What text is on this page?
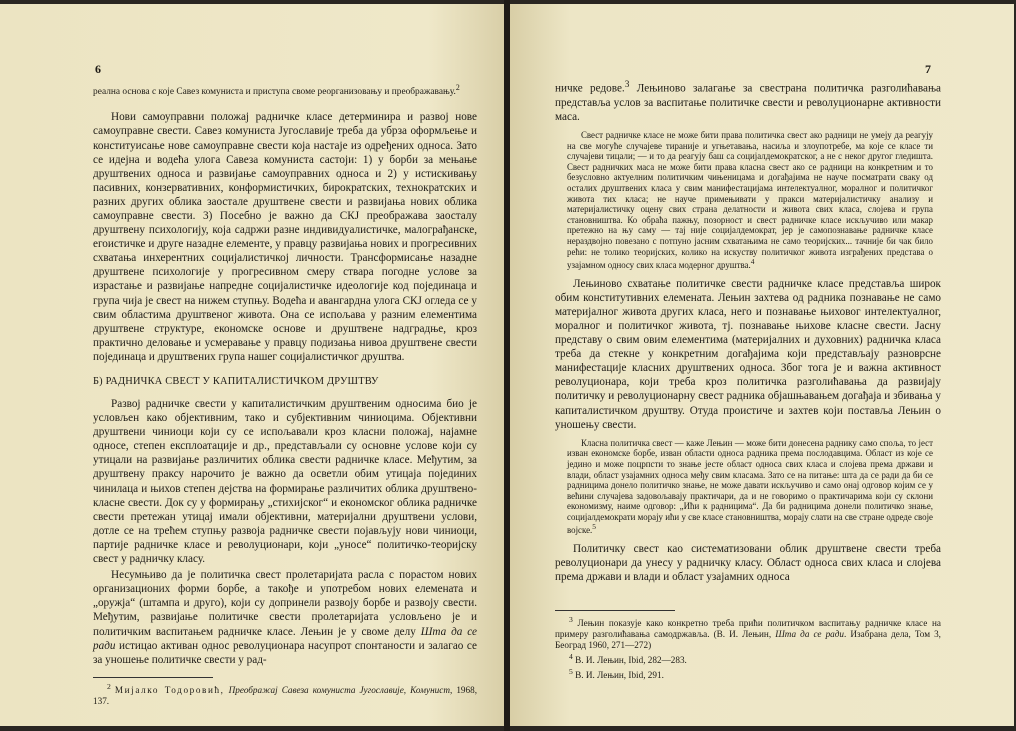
6

реална основа с које Савез комуниста и приступа своме реорганизовању и преображавању.$^2$

Нови самоуправни положај радничке класе детерминира и развој нове самоуправне свести. Савез комуниста Југославије треба да убрза оформљење и конституисање нове самоуправне свести која настаје из одређених односа. Зато се идејна и водећа улога Савеза комуниста састоји: 1) у борби за мењање друштвених односа и развијање самоуправних односа и 2) у истискивању пасивних, конзервативних, конформистичких, бирократских, технократских и разних других облика заосталe друштвене свести и развијања нових облика самоуправне свести. 3) Посебно је важно да СКЈ преображава заосталу друштвену психологију, која садржи разне индивидуалистичке, малограђанске, егоистичке и друге назадне елементе, у правцу развијања нових и прогресивних схватања инхерентних социјалистичкој личности. Трансформисање назадне друштвене психологије у прогресивном смеру ствара погодне услове за израстање и развијање напредне социјалистичке идеологије код појединаца и група чија је свест на нижем ступњу. Водећа и авангардна улога СКЈ огледа се у свим областима друштвеног живота. Она се испољава у разним елементима друштвене структуре, економске основе и друштвене надградње, кроз практично деловање и усмеравање у правцу подизања нивоа друштвене свести појединаца и друштвених група нашег социјалистичког друштва.

Б) РАДНИЧКА СВЕСТ У КАПИТАЛИСТИЧКОМ ДРУШТВУ

Развој радничке свести у капиталистичким друштвеним односима био је условљен како објективним, тако и субјективним чиниоцима. Објективни друштвени чиниоци који су се испољавали кроз класни положај, најамне односе, степен експлоатације и др., представљали су основне услове који су утицали на развијање различитих облика свести радничке класе. Међутим, за друштвену праксу нарочито је важно да осветли обим утицаја појединих чинилаца и њихов степен дејства на формирање различитих облика друштвено-класне свести. Док су у формирању „стихијског“ и економског облика радничке свести претежан утицај имали објективни, материјални друштвени услови, дотле се на трећем ступњу развоја радничке свести појављују нови чиниоци, партије радничке класе и револуционари, који „уносе“ политичко-теоријску свест у радничку класу.

Несумњиво да је политичка свест пролетаријата расла с порастом нових организационих форми борбе, а такође и употребом нових елемената и „оружја“ (штампа и друго), који су допринели развоју борбе и развоју свести. Међутим, развијање политичке свести пролетаријата условљено је и политичким васпитањем радничке класе. Лењин је у своме делу Шта да се ради истицао активан однос револуционара насупрот спонтаности и залагао се за уношење политичке свести у рад-

$^2$ Мијалко Тодоровић, Преображај Савеза комуниста Југославије, Комунист, 1968, 137.

7

ничке редове.$^3$ Лењиново залагање за свестрана политичка разголићавања представља услов за васпитање политичке свести и револуционарне активности маса.

Свест радничке класе не може бити права политичка свест ако радници не умеју да реагују на све могуће случајеве тираније и угњетавања, насиља и злоупотребе, ма које се класе ти случајеви тицали; — и то да реагују баш са социјалдемократског, а не с неког другог гледишта. Свест радничких маса не може бити права класна свест ако се радници на конкретним и то безусловно актуелним политичким чињеницама и догађајима не науче посматрати сваку од осталих друштвених класа у свим манифестацијама интелектуалног, моралног и политичког живота тих класа; не науче примењивати у пракси материјалистичку анализу и материјалистичку оцену свих страна делатности и живота свих класа, слојева и група становништва. Ко обраћа пажњу, позорност и свест радничке класе искључиво или макар претежно на њу саму — тај није социјалдемократ, јер је самопознавање радничке класе нераздвојно повезано с потпуно јасним схватањима не само теоријских... тачније би чак било рећи: не толико теоријских, колико на искуству политичког живота изграђених представа о узајамном односу свих класа модерног друштва.$^4$

Лењиново схватање политичке свести радничке класе представља широк обим конститутивних елемената. Лењин захтева од радника познавање не само материјалног живота других класа, него и познавање њиховог интелектуалног, моралног и политичког живота, тј. познавање њихове класне свести. Јасну представу о свим овим елементима (материјалних и духовних) радничка класа треба да стекне у конкретним догађајима који представљају разноврсне манифестације класних друштвених односа. Због тога је и важна активност револуционара, који треба кроз политичка разголићавања да развијају политичку и револуционарну свест радника објашњавањем догађаја и збивања у капиталистичком друштву. Отуда проистиче и захтев који поставља Лењин о уношењу свести.

Класна политичка свест — каже Лењин — може бити донесена раднику само споља, то јест изван економске борбе, изван области односа радника према послодавцима. Област из које се једино и може поцрпсти то знање јесте област односа свих класа и слојева према држави и влади, област узајамних односа међу свим класама. Зато се на питање: шта да се ради да би се радницима донело политичко знање, не може давати искључиво и само онај одговор којим се у већини случајева задовољавају практичари, да и не говоримо о практичарима који су склони економизму, наиме одговор: „Ићи к радницима“. Да би радницима донели политичко знање, социјалдемократи морају ићи у све класе становништва, морају слати на све стране одреде своје војске.$^5$

Политичку свест као систематизовани облик друштвене свести треба револуционари да унесу у радничку класу. Област односа свих класа и слојева према држави и влади и област узајамних односа

$^3$ Лењин показује како конкретно треба прићи политичком васпитању радничке класе на примеру разголићавања самодржавља. (В. И. Лењин, Шта да се ради. Изабрана дела, Том 3, Београд 1960, 271—272)

$^4$ В. И. Лењин, Ibid, 282—283.

$^5$ В. И. Лењин, Ibid, 291.
